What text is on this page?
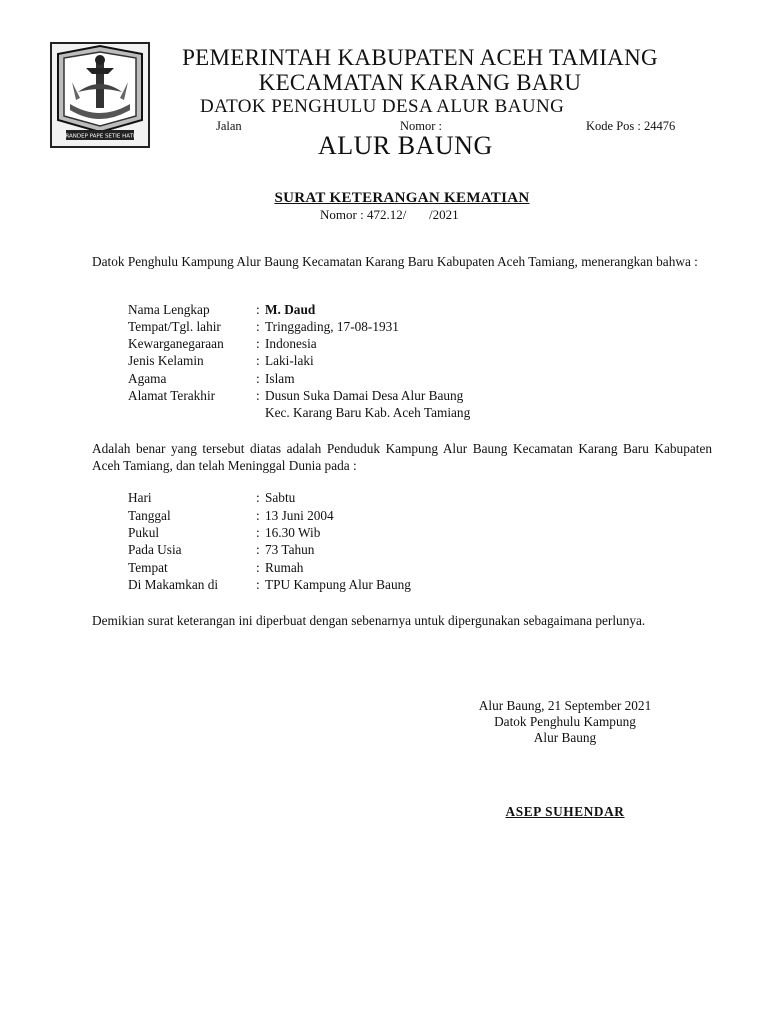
RANDEP PAPE SETIE HATI
PEMERINTAH KABUPATEN ACEH TAMIANG
KECAMATAN KARANG BARU
DATOK PENGHULU DESA ALUR BAUNG
Jalan	Nomor :	Kode Pos : 24476
ALUR BAUNG
SURAT KETERANGAN KEMATIAN
Nomor : 472.12/       /2021
Datok Penghulu Kampung Alur Baung Kecamatan Karang Baru Kabupaten Aceh Tamiang, menerangkan bahwa :
Nama Lengkap	: M. Daud
Tempat/Tgl. lahir	: Tringgading, 17-08-1931
Kewarganegaraan	: Indonesia
Jenis Kelamin	: Laki-laki
Agama	: Islam
Alamat Terakhir	: Dusun Suka Damai Desa Alur Baung
Kec. Karang Baru Kab. Aceh Tamiang
Adalah benar yang tersebut diatas adalah Penduduk Kampung Alur Baung Kecamatan Karang Baru Kabupaten Aceh Tamiang, dan telah Meninggal Dunia pada :
Hari	: Sabtu
Tanggal	: 13 Juni 2004
Pukul	: 16.30 Wib
Pada Usia	: 73 Tahun
Tempat	: Rumah
Di Makamkan di	: TPU Kampung Alur Baung
Demikian surat keterangan ini diperbuat dengan sebenarnya untuk dipergunakan sebagaimana perlunya.
Alur Baung, 21 September 2021
Datok Penghulu Kampung
Alur Baung
ASEP SUHENDAR
